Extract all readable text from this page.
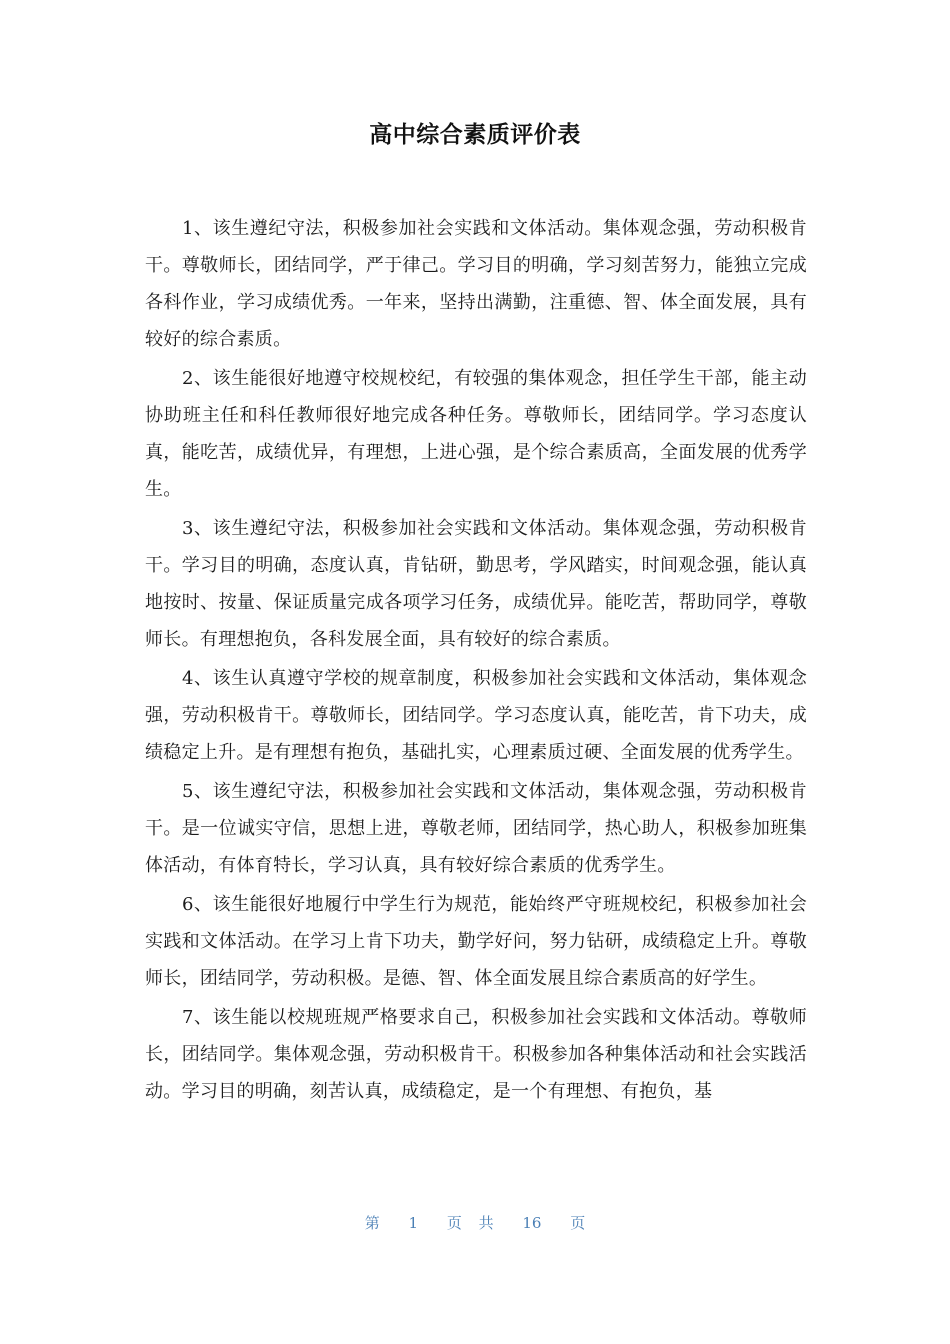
高中综合素质评价表

1、该生遵纪守法，积极参加社会实践和文体活动。集体观念强，劳动积极肯干。尊敬师长，团结同学，严于律己。学习目的明确，学习刻苦努力，能独立完成各科作业，学习成绩优秀。一年来，坚持出满勤，注重德、智、体全面发展，具有较好的综合素质。

2、该生能很好地遵守校规校纪，有较强的集体观念，担任学生干部，能主动协助班主任和科任教师很好地完成各种任务。尊敬师长，团结同学。学习态度认真，能吃苦，成绩优异，有理想，上进心强，是个综合素质高，全面发展的优秀学生。

3、该生遵纪守法，积极参加社会实践和文体活动。集体观念强，劳动积极肯干。学习目的明确，态度认真，肯钻研，勤思考，学风踏实，时间观念强，能认真地按时、按量、保证质量完成各项学习任务，成绩优异。能吃苦，帮助同学，尊敬师长。有理想抱负，各科发展全面，具有较好的综合素质。

4、该生认真遵守学校的规章制度，积极参加社会实践和文体活动，集体观念强，劳动积极肯干。尊敬师长，团结同学。学习态度认真，能吃苦，肯下功夫，成绩稳定上升。是有理想有抱负，基础扎实，心理素质过硬、全面发展的优秀学生。

5、该生遵纪守法，积极参加社会实践和文体活动，集体观念强，劳动积极肯干。是一位诚实守信，思想上进，尊敬老师，团结同学，热心助人，积极参加班集体活动，有体育特长，学习认真，具有较好综合素质的优秀学生。

6、该生能很好地履行中学生行为规范，能始终严守班规校纪，积极参加社会实践和文体活动。在学习上肯下功夫，勤学好问，努力钻研，成绩稳定上升。尊敬师长，团结同学，劳动积极。是德、智、体全面发展且综合素质高的好学生。

7、该生能以校规班规严格要求自己，积极参加社会实践和文体活动。尊敬师长，团结同学。集体观念强，劳动积极肯干。积极参加各种集体活动和社会实践活动。学习目的明确，刻苦认真，成绩稳定，是一个有理想、有抱负，基

第 1 页 共 16 页
